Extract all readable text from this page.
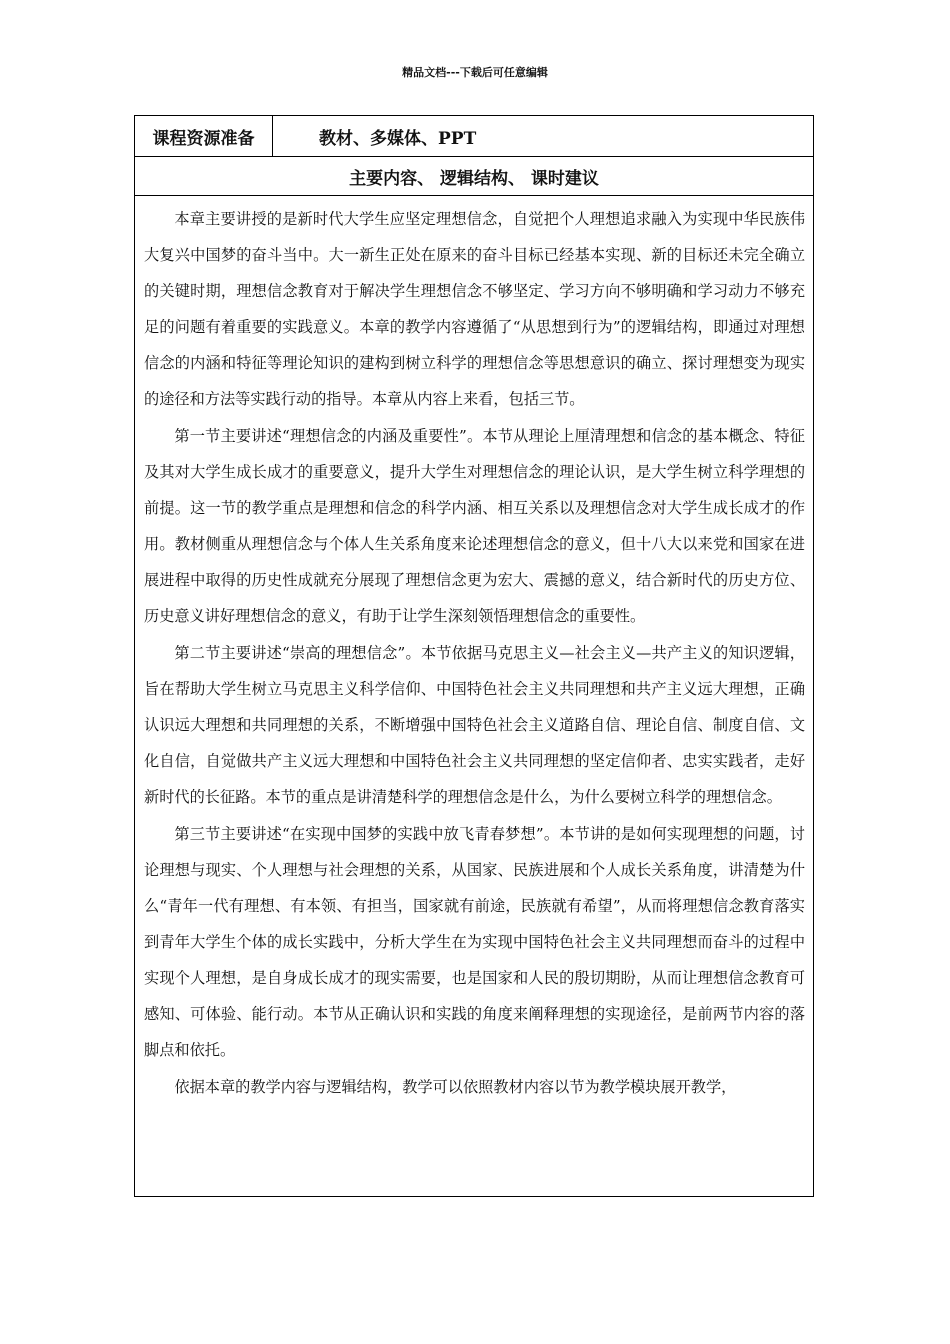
精品文档---下载后可任意编辑
课程资源准备	教材、多媒体、PPT
主要内容、 逻辑结构、 课时建议

本章主要讲授的是新时代大学生应坚定理想信念，自觉把个人理想追求融入为实现中华民族伟大复兴中国梦的奋斗当中。大一新生正处在原来的奋斗目标已经基本实现、新的目标还未完全确立的关键时期，理想信念教育对于解决学生理想信念不够坚定、学习方向不够明确和学习动力不够充足的问题有着重要的实践意义。本章的教学内容遵循了“从思想到行为”的逻辑结构，即通过对理想信念的内涵和特征等理论知识的建构到树立科学的理想信念等思想意识的确立、探讨理想变为现实的途径和方法等实践行动的指导。本章从内容上来看，包括三节。

第一节主要讲述“理想信念的内涵及重要性”。本节从理论上厘清理想和信念的基本概念、特征及其对大学生成长成才的重要意义，提升大学生对理想信念的理论认识，是大学生树立科学理想的前提。这一节的教学重点是理想和信念的科学内涵、相互关系以及理想信念对大学生成长成才的作用。教材侧重从理想信念与个体人生关系角度来论述理想信念的意义，但十八大以来党和国家在进展进程中取得的历史性成就充分展现了理想信念更为宏大、震撼的意义，结合新时代的历史方位、历史意义讲好理想信念的意义，有助于让学生深刻领悟理想信念的重要性。

第二节主要讲述“崇高的理想信念”。本节依据马克思主义—社会主义—共产主义的知识逻辑，旨在帮助大学生树立马克思主义科学信仰、中国特色社会主义共同理想和共产主义远大理想，正确认识远大理想和共同理想的关系，不断增强中国特色社会主义道路自信、理论自信、制度自信、文化自信，自觉做共产主义远大理想和中国特色社会主义共同理想的坚定信仰者、忠实实践者，走好新时代的长征路。本节的重点是讲清楚科学的理想信念是什么，为什么要树立科学的理想信念。

第三节主要讲述“在实现中国梦的实践中放飞青春梦想”。本节讲的是如何实现理想的问题，讨论理想与现实、个人理想与社会理想的关系，从国家、民族进展和个人成长关系角度，讲清楚为什么“青年一代有理想、有本领、有担当，国家就有前途，民族就有希望”，从而将理想信念教育落实到青年大学生个体的成长实践中，分析大学生在为实现中国特色社会主义共同理想而奋斗的过程中实现个人理想，是自身成长成才的现实需要，也是国家和人民的殷切期盼，从而让理想信念教育可感知、可体验、能行动。本节从正确认识和实践的角度来阐释理想的实现途径，是前两节内容的落脚点和依托。

依据本章的教学内容与逻辑结构，教学可以依照教材内容以节为教学模块展开教学，
